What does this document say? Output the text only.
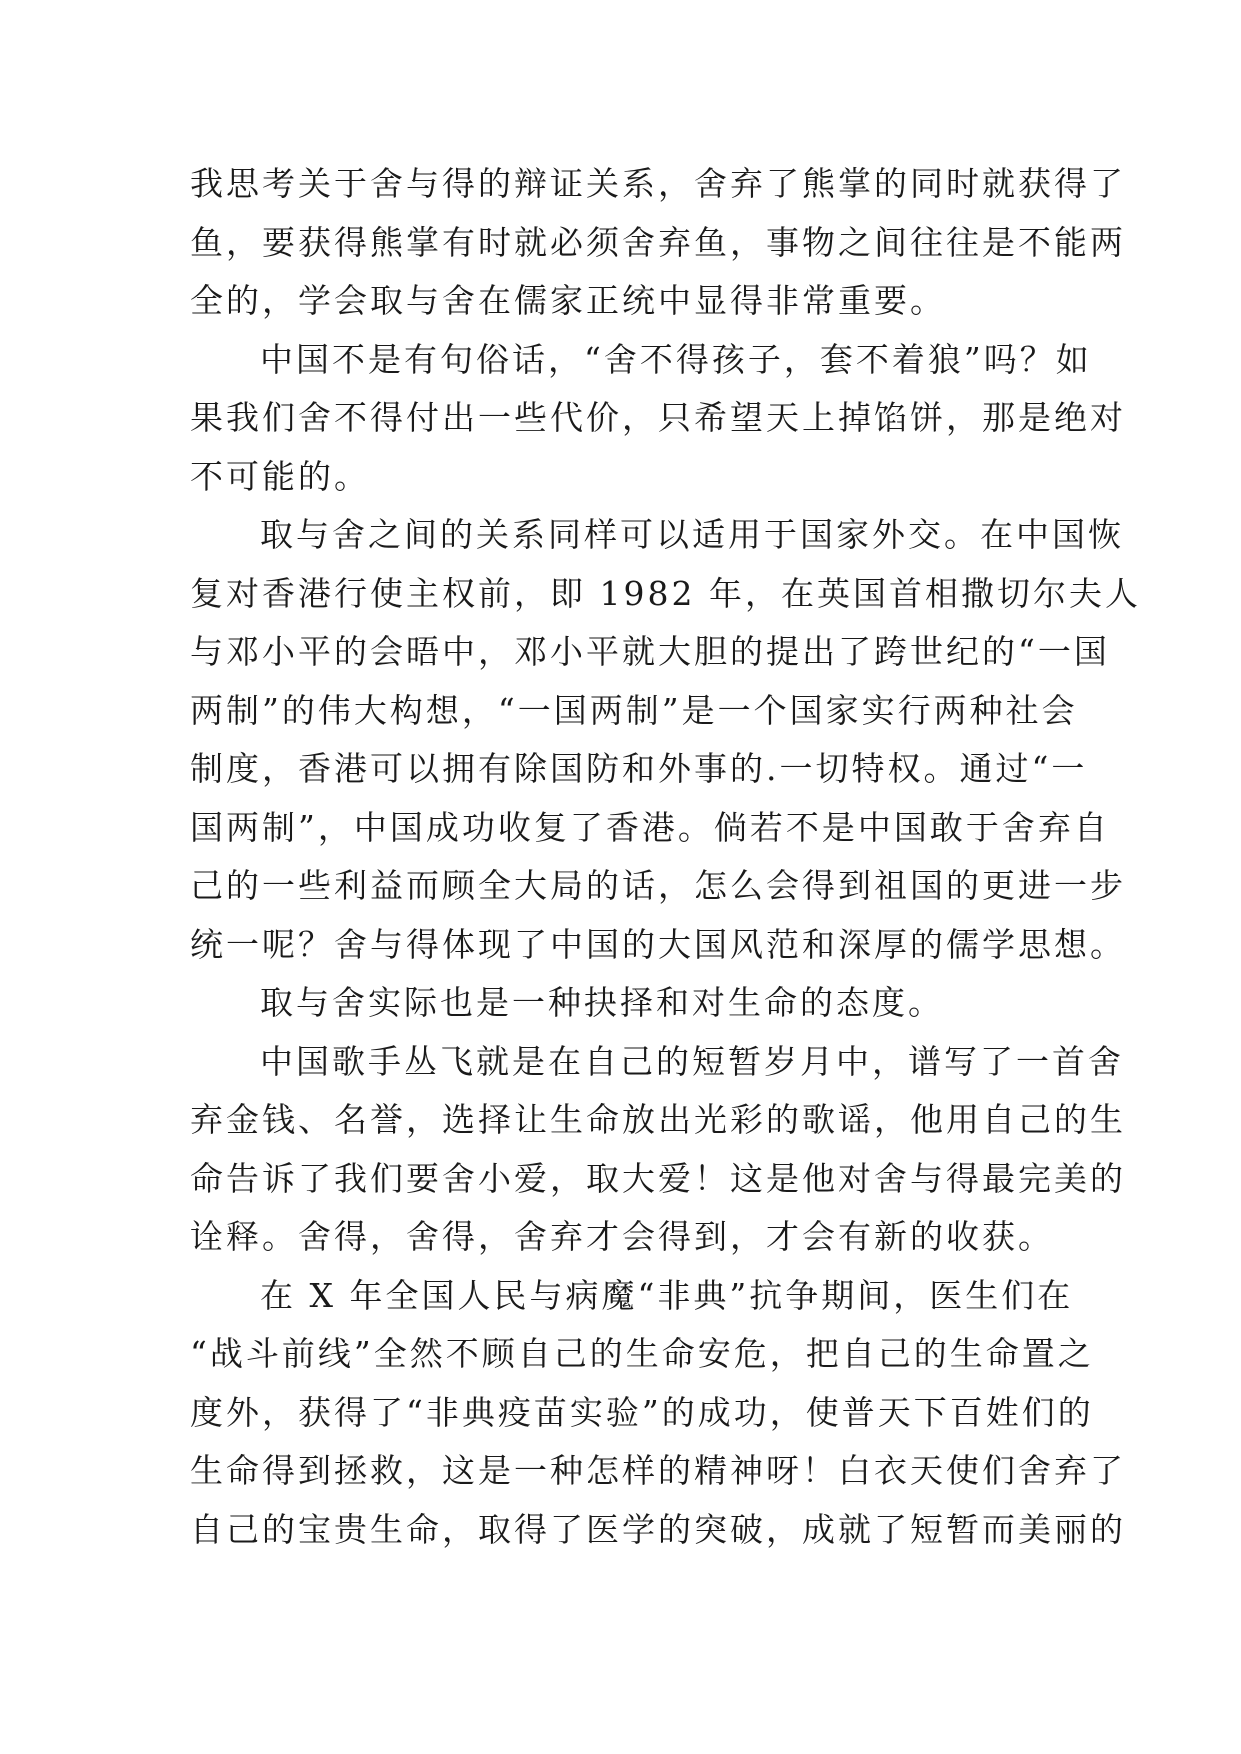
我思考关于舍与得的辩证关系，舍弃了熊掌的同时就获得了
鱼，要获得熊掌有时就必须舍弃鱼，事物之间往往是不能两
全的，学会取与舍在儒家正统中显得非常重要。
中国不是有句俗话，“舍不得孩子，套不着狼”吗？如
果我们舍不得付出一些代价，只希望天上掉馅饼，那是绝对
不可能的。
取与舍之间的关系同样可以适用于国家外交。在中国恢
复对香港行使主权前，即 1982 年，在英国首相撒切尔夫人
与邓小平的会晤中，邓小平就大胆的提出了跨世纪的“一国
两制”的伟大构想，“一国两制”是一个国家实行两种社会
制度，香港可以拥有除国防和外事的.一切特权。通过“一
国两制”，中国成功收复了香港。倘若不是中国敢于舍弃自
己的一些利益而顾全大局的话，怎么会得到祖国的更进一步
统一呢？舍与得体现了中国的大国风范和深厚的儒学思想。
取与舍实际也是一种抉择和对生命的态度。
中国歌手丛飞就是在自己的短暂岁月中，谱写了一首舍
弃金钱、名誉，选择让生命放出光彩的歌谣，他用自己的生
命告诉了我们要舍小爱，取大爱！这是他对舍与得最完美的
诠释。舍得，舍得，舍弃才会得到，才会有新的收获。
在 X 年全国人民与病魔“非典”抗争期间，医生们在
“战斗前线”全然不顾自己的生命安危，把自己的生命置之
度外，获得了“非典疫苗实验”的成功，使普天下百姓们的
生命得到拯救，这是一种怎样的精神呀！白衣天使们舍弃了
自己的宝贵生命，取得了医学的突破，成就了短暂而美丽的
